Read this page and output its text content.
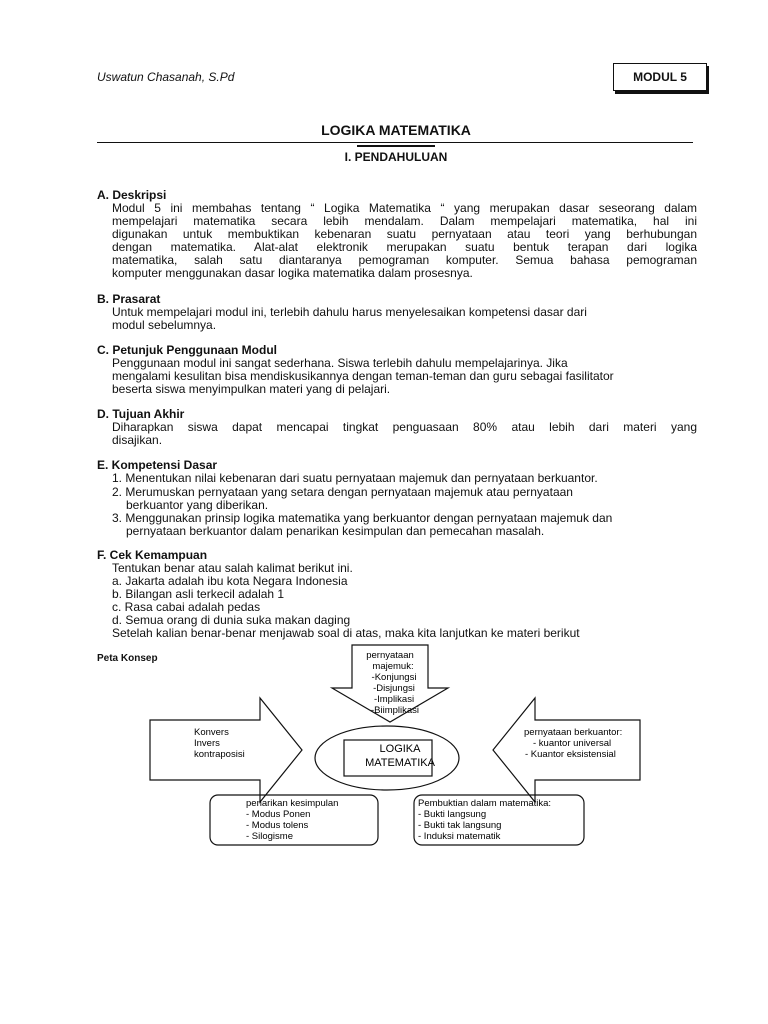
Uswatun Chasanah, S.Pd	MODUL 5
LOGIKA MATEMATIKA
I. PENDAHULUAN
A. Deskripsi
Modul 5 ini membahas tentang “ Logika Matematika “ yang merupakan dasar seseorang dalam
mempelajari matematika secara lebih mendalam. Dalam mempelajari matematika, hal ini
digunakan untuk membuktikan kebenaran suatu pernyataan atau teori yang berhubungan
dengan matematika. Alat-alat elektronik merupakan suatu bentuk terapan dari logika
matematika, salah satu diantaranya pemograman komputer. Semua bahasa pemograman
komputer menggunakan dasar logika matematika dalam prosesnya.
B. Prasarat
Untuk mempelajari modul ini, terlebih dahulu harus menyelesaikan kompetensi dasar dari
modul sebelumnya.
C. Petunjuk Penggunaan Modul
Penggunaan modul ini sangat sederhana. Siswa terlebih dahulu mempelajarinya. Jika
mengalami kesulitan bisa mendiskusikannya dengan teman-teman dan guru sebagai fasilitator
beserta siswa menyimpulkan materi yang di pelajari.
D. Tujuan Akhir
Diharapkan siswa dapat mencapai tingkat penguasaan 80% atau lebih dari materi yang
disajikan.
E. Kompetensi Dasar
1. Menentukan nilai kebenaran dari suatu pernyataan majemuk dan pernyataan berkuantor.
2. Merumuskan pernyataan yang setara dengan pernyataan majemuk atau pernyataan
berkuantor yang diberikan.
3. Menggunakan prinsip logika matematika yang berkuantor dengan pernyataan majemuk dan
pernyataan berkuantor dalam penarikan kesimpulan dan pemecahan masalah.
F. Cek Kemampuan
Tentukan benar atau salah kalimat berikut ini.
a. Jakarta adalah ibu kota Negara Indonesia
b. Bilangan asli terkecil adalah 1
c. Rasa cabai adalah pedas
d. Semua orang di dunia suka makan daging
Setelah kalian benar-benar menjawab soal di atas, maka kita lanjutkan ke materi berikut
Peta Konsep
LOGIKA
MATEMATIKA
pernyataan
majemuk:
-Konjungsi
-Disjungsi
-Implikasi
-Biimplikasi
Konvers
Invers
kontraposisi
pernyataan berkuantor:
- kuantor universal
- Kuantor eksistensial
penarikan kesimpulan
- Modus Ponen
- Modus tolens
- Silogisme
Pembuktian dalam matematika:
- Bukti langsung
- Bukti tak langsung
- Induksi matematik
